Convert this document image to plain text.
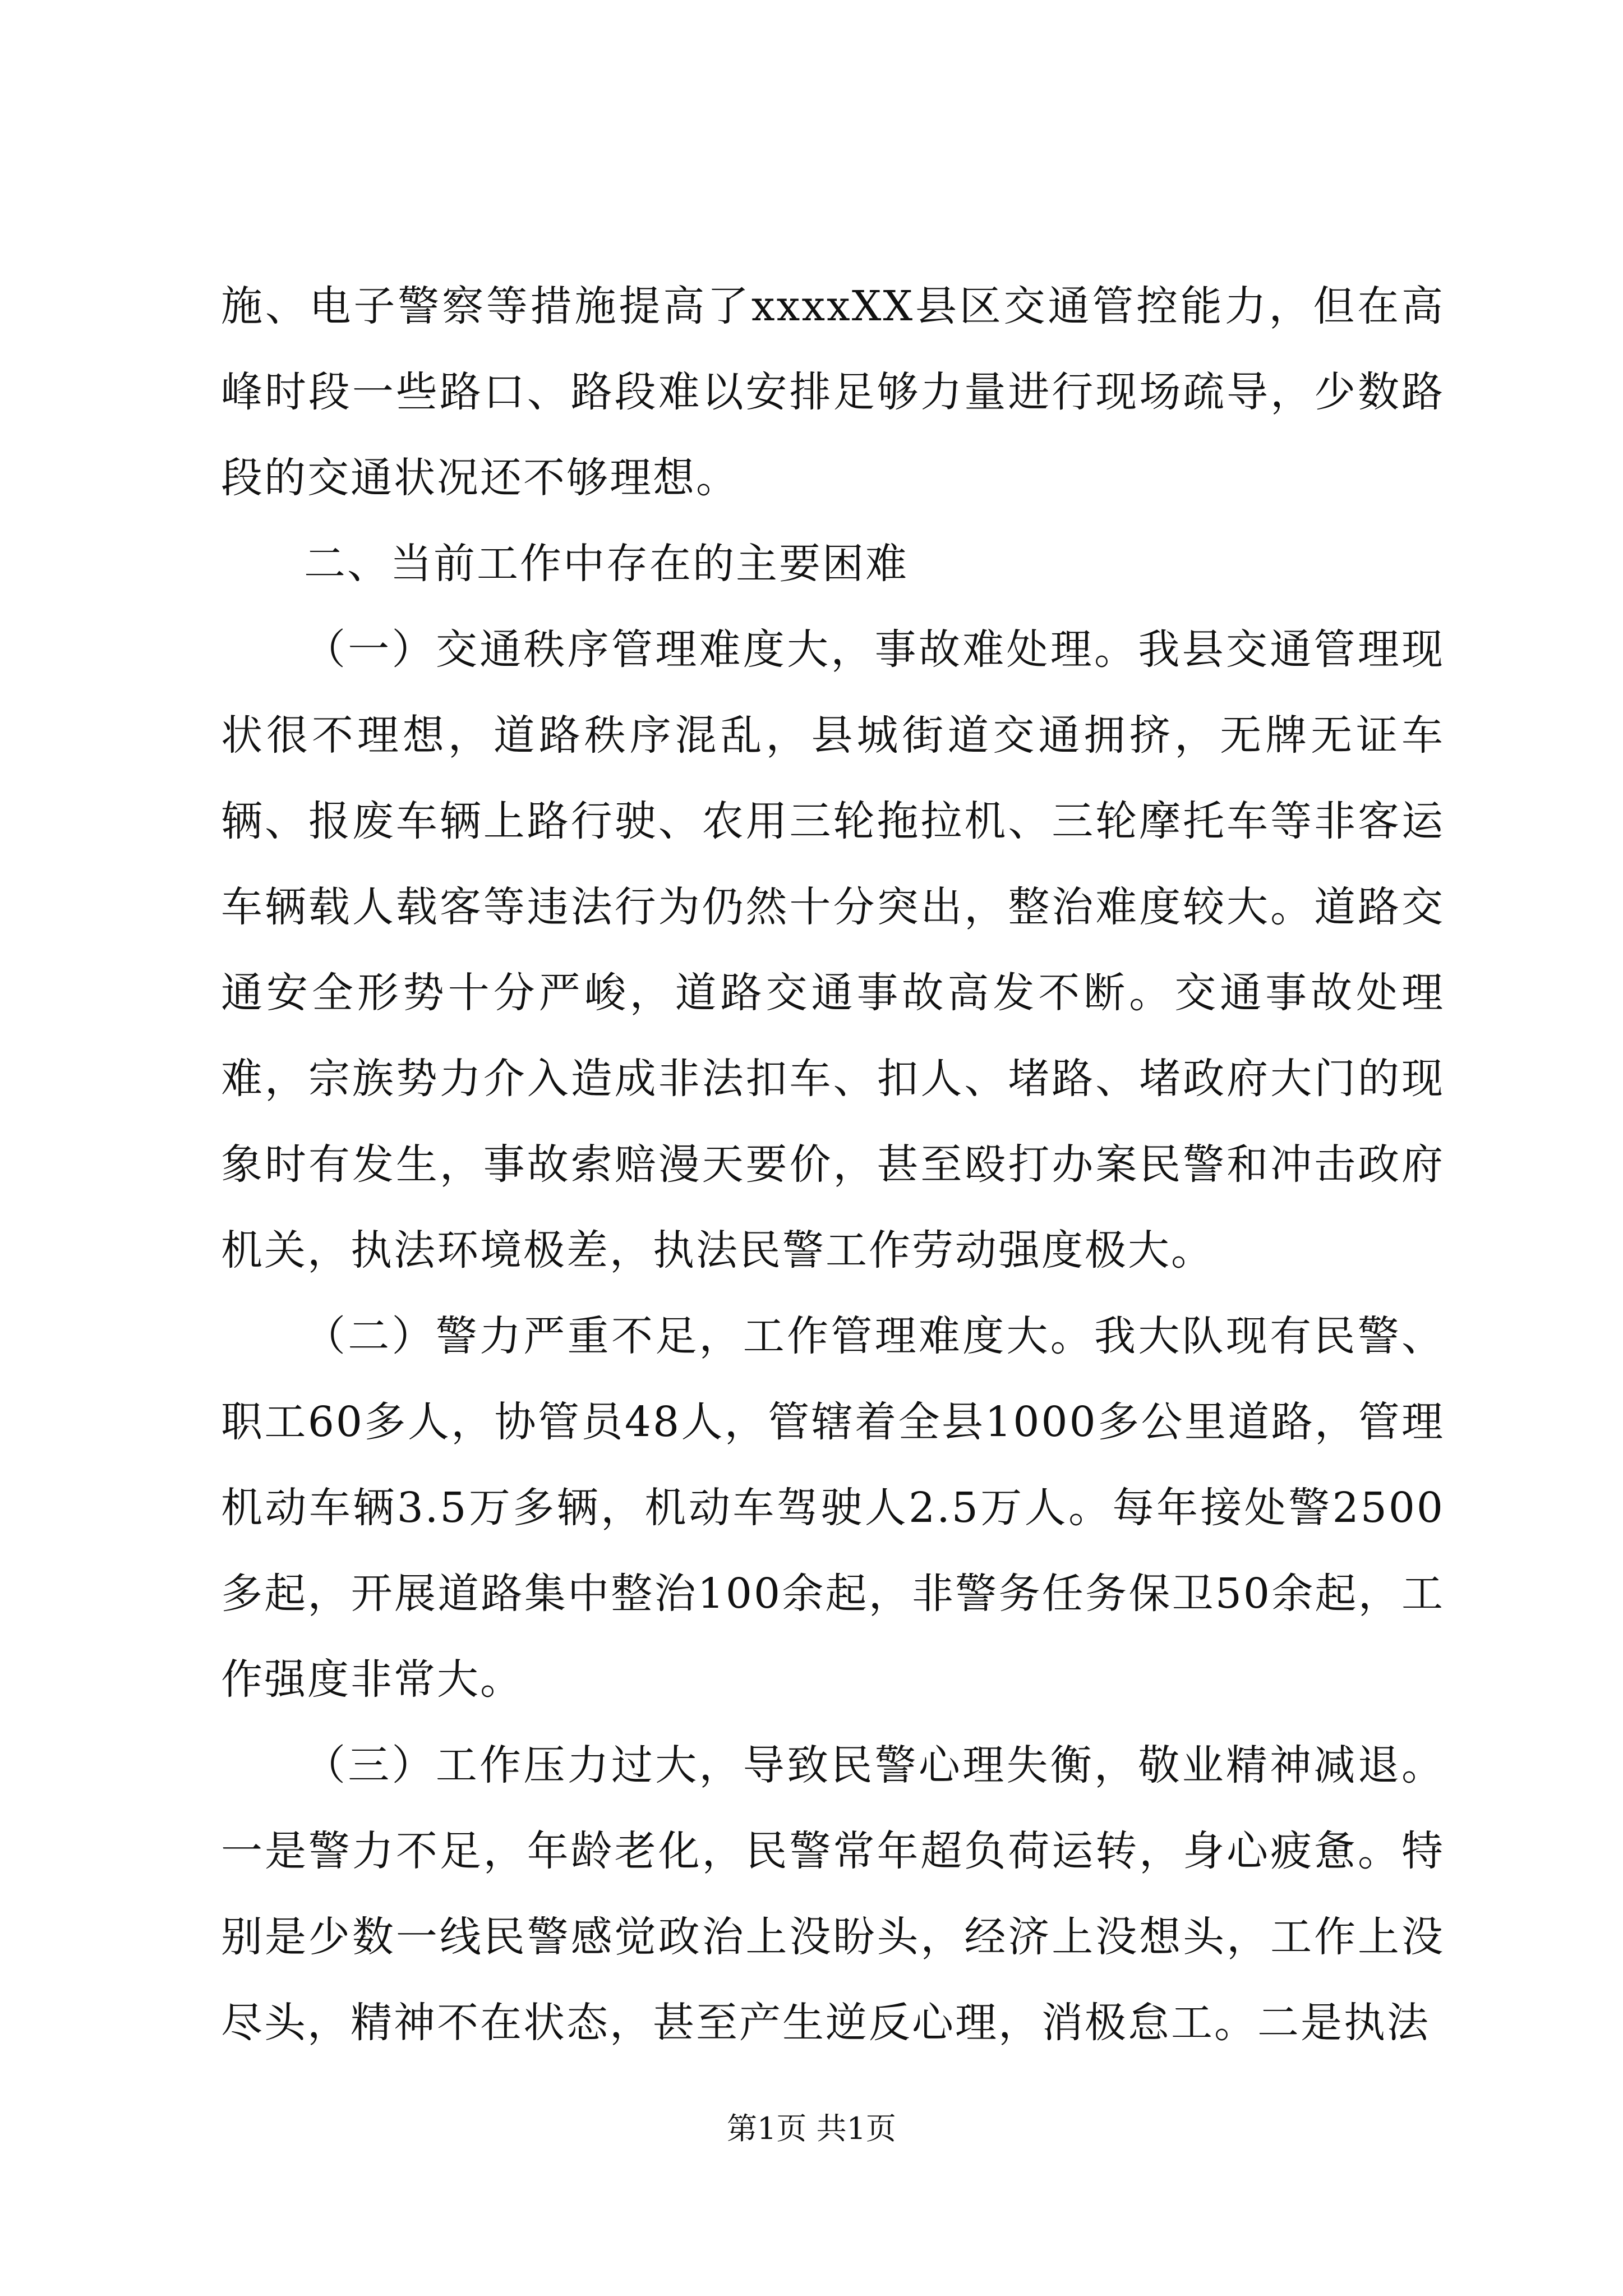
施、电子警察等措施提高了xxxxXX县区交通管控能力，但在高峰时段一些路口、路段难以安排足够力量进行现场疏导，少数路段的交通状况还不够理想。

二、当前工作中存在的主要困难

（一）交通秩序管理难度大，事故难处理。我县交通管理现状很不理想，道路秩序混乱，县城街道交通拥挤，无牌无证车辆、报废车辆上路行驶、农用三轮拖拉机、三轮摩托车等非客运车辆载人载客等违法行为仍然十分突出，整治难度较大。道路交通安全形势十分严峻，道路交通事故高发不断。交通事故处理难，宗族势力介入造成非法扣车、扣人、堵路、堵政府大门的现象时有发生，事故索赔漫天要价，甚至殴打办案民警和冲击政府机关，执法环境极差，执法民警工作劳动强度极大。

（二）警力严重不足，工作管理难度大。我大队现有民警、职工60多人，协管员48人，管辖着全县1000多公里道路，管理机动车辆3.5万多辆，机动车驾驶人2.5万人。每年接处警2500多起，开展道路集中整治100余起，非警务任务保卫50余起，工作强度非常大。

（三）工作压力过大，导致民警心理失衡，敬业精神减退。一是警力不足，年龄老化，民警常年超负荷运转，身心疲惫。特别是少数一线民警感觉政治上没盼头，经济上没想头，工作上没尽头，精神不在状态，甚至产生逆反心理，消极怠工。二是执法

第1页 共1页
